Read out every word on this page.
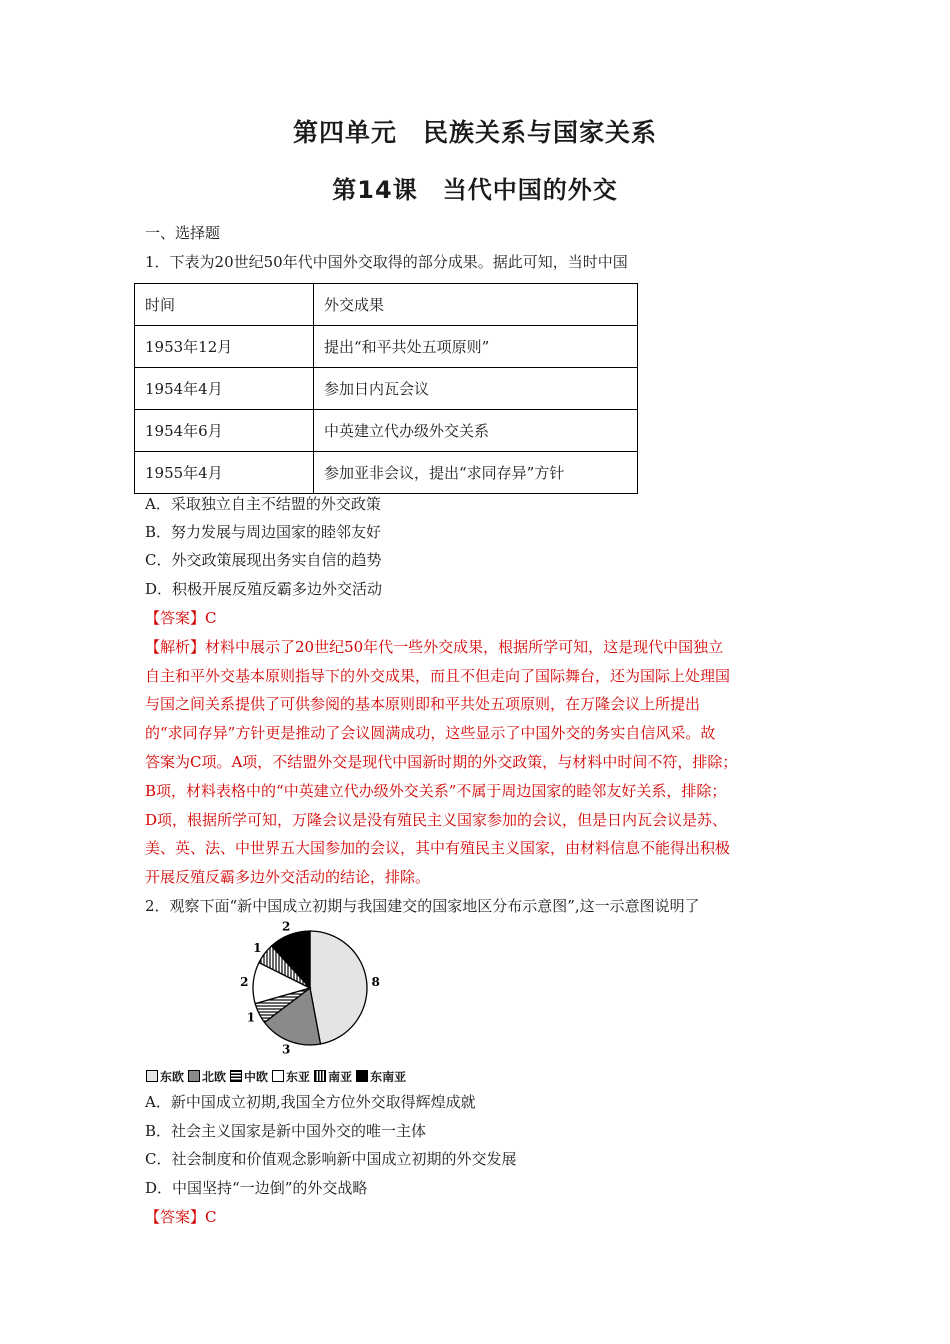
第四单元　民族关系与国家关系
第14课　当代中国的外交
一、选择题
1．下表为20世纪50年代中国外交取得的部分成果。据此可知，当时中国
时间	外交成果
1953年12月	提出“和平共处五项原则”
1954年4月	参加日内瓦会议
1954年6月	中英建立代办级外交关系
1955年4月	参加亚非会议，提出“求同存异”方针
A．采取独立自主不结盟的外交政策
B．努力发展与周边国家的睦邻友好
C．外交政策展现出务实自信的趋势
D．积极开展反殖反霸多边外交活动
【答案】C
【解析】材料中展示了20世纪50年代一些外交成果，根据所学可知，这是现代中国独立
自主和平外交基本原则指导下的外交成果，而且不但走向了国际舞台，还为国际上处理国
与国之间关系提供了可供参阅的基本原则即和平共处五项原则，在万隆会议上所提出
的“求同存异”方针更是推动了会议圆满成功，这些显示了中国外交的务实自信风采。故
答案为C项。A项，不结盟外交是现代中国新时期的外交政策，与材料中时间不符，排除；
B项，材料表格中的“中英建立代办级外交关系”不属于周边国家的睦邻友好关系，排除；
D项，根据所学可知，万隆会议是没有殖民主义国家参加的会议，但是日内瓦会议是苏、
美、英、法、中世界五大国参加的会议，其中有殖民主义国家，由材料信息不能得出积极
开展反殖反霸多边外交活动的结论，排除。
2．观察下面“新中国成立初期与我国建交的国家地区分布示意图”,这一示意图说明了
8
3
1
2
1
2
东欧 北欧 中欧 东亚 南亚 东南亚
A．新中国成立初期,我国全方位外交取得辉煌成就
B．社会主义国家是新中国外交的唯一主体
C．社会制度和价值观念影响新中国成立初期的外交发展
D．中国坚持“一边倒”的外交战略
【答案】C
